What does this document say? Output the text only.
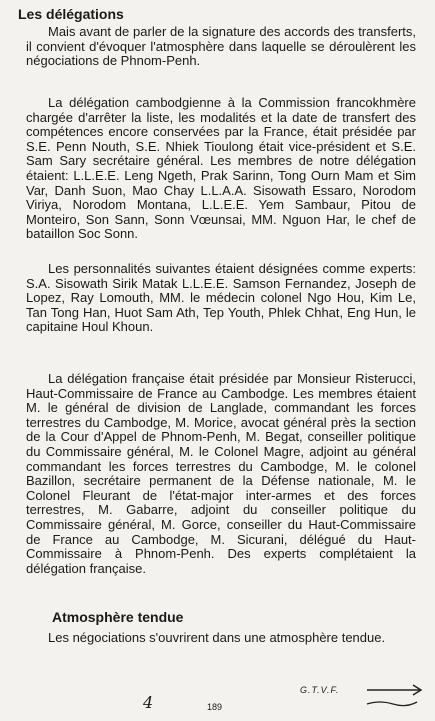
Les délégations

Mais avant de parler de la signature des accords des transferts, il convient d'évoquer l'atmosphère dans laquelle se déroulèrent les négociations de Phnom-Penh.

La délégation cambodgienne à la Commission francokhmère chargée d'arrêter la liste, les modalités et la date de transfert des compétences encore conservées par la France, était présidée par S.E. Penn Nouth, S.E. Nhiek Tioulong était vice-président et S.E. Sam Sary secrétaire général. Les membres de notre délégation étaient: L.L.E.E. Leng Ngeth, Prak Sarinn, Tong Ourn Mam et Sim Var, Danh Suon, Mao Chay L.L.A.A. Sisowath Essaro, Norodom Viriya, Norodom Montana, L.L.E.E. Yem Sambaur, Pitou de Monteiro, Son Sann, Sonn Vœunsai, MM. Nguon Har, le chef de bataillon Soc Sonn.

Les personnalités suivantes étaient désignées comme experts: S.A. Sisowath Sirik Matak L.L.E.E. Samson Fernandez, Joseph de Lopez, Ray Lomouth, MM. le médecin colonel Ngo Hou, Kim Le, Tan Tong Han, Huot Sam Ath, Tep Youth, Phlek Chhat, Eng Hun, le capitaine Houl Khoun.

La délégation française était présidée par Monsieur Risterucci, Haut-Commissaire de France au Cambodge. Les membres étaient M. le général de division de Langlade, commandant les forces terrestres du Cambodge, M. Morice, avocat général près la section de la Cour d'Appel de Phnom-Penh, M. Begat, conseiller politique du Commissaire général, M. le Colonel Magre, adjoint au général commandant les forces terrestres du Cambodge, M. le colonel Bazillon, secrétaire permanent de la Défense nationale, M. le Colonel Fleurant de l'état-major inter-armes et des forces terrestres, M. Gabarre, adjoint du conseiller politique du Commissaire général, M. Gorce, conseiller du Haut-Commissaire de France au Cambodge, M. Sicurani, délégué du Haut-Commissaire à Phnom-Penh. Des experts complétaient la délégation française.

Atmosphère tendue

Les négociations s'ouvrirent dans une atmosphère tendue.

4	189
G.T.V.F.
